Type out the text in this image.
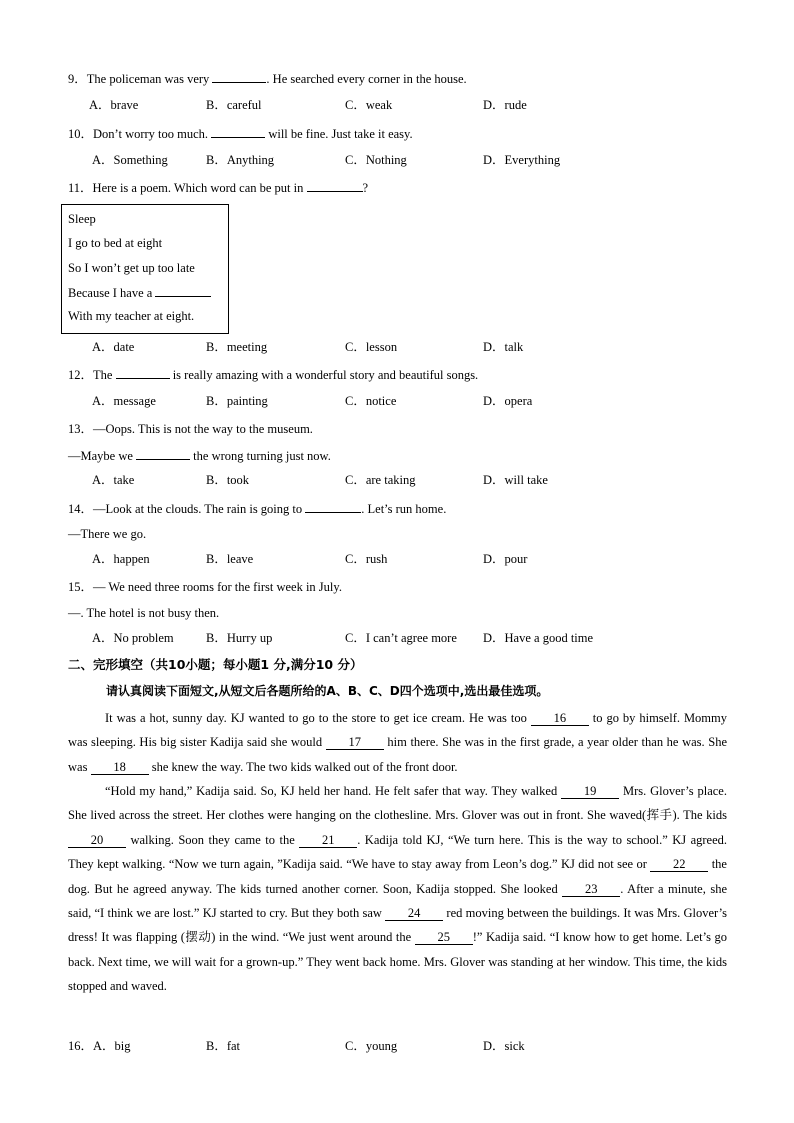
9．The policeman was very	. He searched every corner in the house.
A．brave	B．careful	C．weak	D．rude
10．Don’t worry too much.	will be fine. Just take it easy.
A．Something	B．Anything	C．Nothing	D．Everything
11．Here is a poem. Which word can be put in	?
Sleep
I go to bed at eight
So I won’t get up too late
Because I have a
With my teacher at eight.
A．date	B．meeting	C．lesson	D．talk
12．The	is really amazing with a wonderful story and beautiful songs.
A．message	B．painting	C．notice	D．opera
13．—Oops. This is not the way to the museum.
—Maybe we	the wrong turning just now.
A．take	B．took	C．are taking	D．will take
14．—Look at the clouds. The rain is going to	. Let’s run home.
—There we go.
A．happen	B．leave	C．rush	D．pour
15．— We need three rooms for the first week in July.
—. The hotel is not busy then.
A．No problem	B．Hurry up	C．I can’t agree more D．Have a good time
二、完形填空（共10小题；每小题1 分,满分10 分）
请认真阅读下面短文,从短文后各题所给的A、B、C、D四个选项中,选出最佳选项。
It was a hot, sunny day. KJ wanted to go to the store to get ice cream. He was too 16 to go by himself. Mommy was sleeping. His big sister Kadija said she would 17 him there. She was in the first grade, a year older than he was. She was 18 she knew the way. The two kids walked out of the front door.
“Hold my hand,” Kadija said. So, KJ held her hand. He felt safer that way. They walked 19 Mrs. Glover’s place. She lived across the street. Her clothes were hanging on the clothesline. Mrs. Glover was out in front. She waved(挥手). The kids 20 walking. Soon they came to the 21 . Kadija told KJ, “We turn here. This is the way to school.” KJ agreed. They kept walking. “Now we turn again, ”Kadija said. “We have to stay away from Leon’s dog.” KJ did not see or 22 the dog. But he agreed anyway. The kids turned another corner. Soon, Kadija stopped. She looked 23 . After a minute, she said, “I think we are lost.” KJ started to cry. But they both saw 24 red moving between the buildings. It was Mrs. Glover’s dress! It was flapping (摆动) in the wind. “We just went around the 25 !” Kadija said. “I know how to get home. Let’s go back. Next time, we will wait for a grown-up.” They went back home. Mrs. Glover was standing at her window. This time, the kids stopped and waved.
16．A．big	B．fat	C．young	D．sick
